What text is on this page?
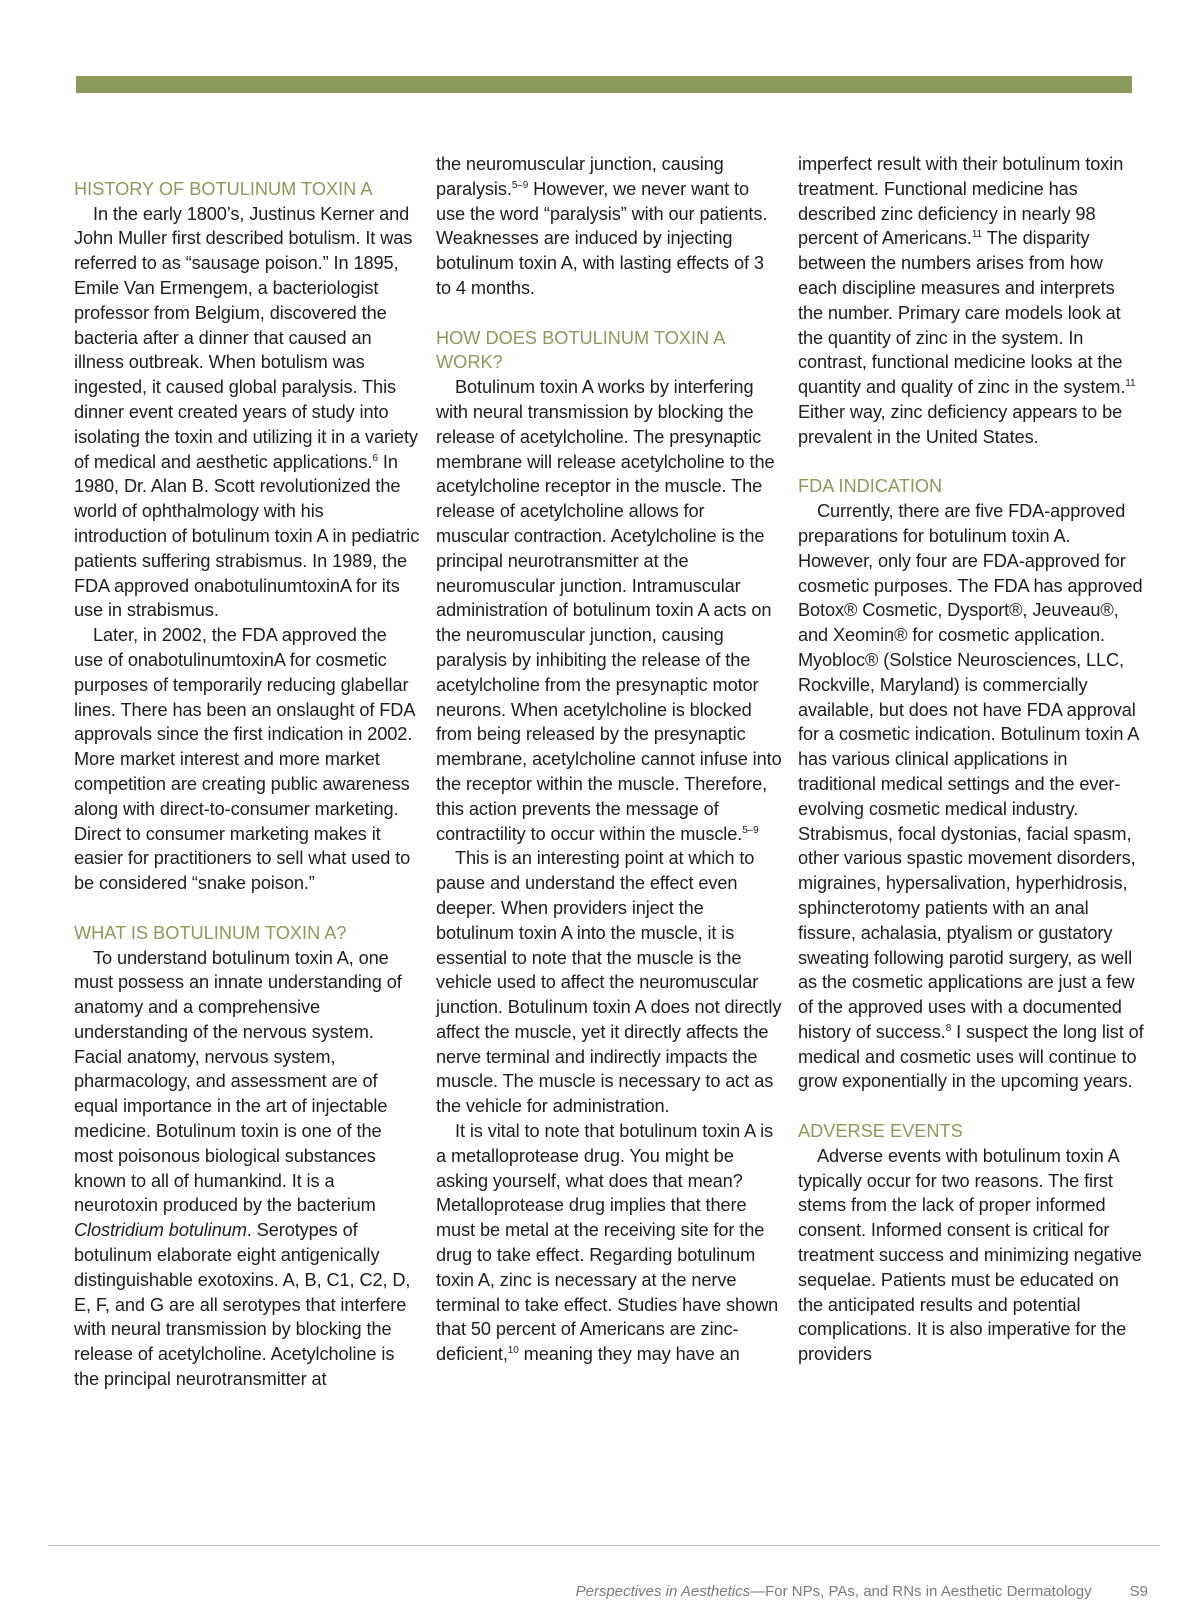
HISTORY OF BOTULINUM TOXIN A

In the early 1800’s, Justinus Kerner and John Muller first described botulism. It was referred to as “sausage poison.” In 1895, Emile Van Ermengem, a bacteriologist professor from Belgium, discovered the bacteria after a dinner that caused an illness outbreak. When botulism was ingested, it caused global paralysis. This dinner event created years of study into isolating the toxin and utilizing it in a variety of medical and aesthetic applications.$^6$ In 1980, Dr. Alan B. Scott revolutionized the world of ophthalmology with his introduction of botulinum toxin A in pediatric patients suffering strabismus. In 1989, the FDA approved onabotulinumtoxinA for its use in strabismus.

Later, in 2002, the FDA approved the use of onabotulinumtoxinA for cosmetic purposes of temporarily reducing glabellar lines. There has been an onslaught of FDA approvals since the first indication in 2002. More market interest and more market competition are creating public awareness along with direct-to-consumer marketing. Direct to consumer marketing makes it easier for practitioners to sell what used to be considered “snake poison.”

WHAT IS BOTULINUM TOXIN A?

To understand botulinum toxin A, one must possess an innate understanding of anatomy and a comprehensive understanding of the nervous system. Facial anatomy, nervous system, pharmacology, and assessment are of equal importance in the art of injectable medicine. Botulinum toxin is one of the most poisonous biological substances known to all of humankind. It is a neurotoxin produced by the bacterium Clostridium botulinum. Serotypes of botulinum elaborate eight antigenically distinguishable exotoxins. A, B, C1, C2, D, E, F, and G are all serotypes that interfere with neural transmission by blocking the release of acetylcholine. Acetylcholine is the principal neurotransmitter at

the neuromuscular junction, causing paralysis.$^{5-9}$ However, we never want to use the word “paralysis” with our patients. Weaknesses are induced by injecting botulinum toxin A, with lasting effects of 3 to 4 months.

HOW DOES BOTULINUM TOXIN A WORK?

Botulinum toxin A works by interfering with neural transmission by blocking the release of acetylcholine. The presynaptic membrane will release acetylcholine to the acetylcholine receptor in the muscle. The release of acetylcholine allows for muscular contraction. Acetylcholine is the principal neurotransmitter at the neuromuscular junction. Intramuscular administration of botulinum toxin A acts on the neuromuscular junction, causing paralysis by inhibiting the release of the acetylcholine from the presynaptic motor neurons. When acetylcholine is blocked from being released by the presynaptic membrane, acetylcholine cannot infuse into the receptor within the muscle. Therefore, this action prevents the message of contractility to occur within the muscle.$^{5-9}$

This is an interesting point at which to pause and understand the effect even deeper. When providers inject the botulinum toxin A into the muscle, it is essential to note that the muscle is the vehicle used to affect the neuromuscular junction. Botulinum toxin A does not directly affect the muscle, yet it directly affects the nerve terminal and indirectly impacts the muscle. The muscle is necessary to act as the vehicle for administration.

It is vital to note that botulinum toxin A is a metalloprotease drug. You might be asking yourself, what does that mean? Metalloprotease drug implies that there must be metal at the receiving site for the drug to take effect. Regarding botulinum toxin A, zinc is necessary at the nerve terminal to take effect. Studies have shown that 50 percent of Americans are zinc-deficient,$^{10}$ meaning they may have an

imperfect result with their botulinum toxin treatment. Functional medicine has described zinc deficiency in nearly 98 percent of Americans.$^{11}$ The disparity between the numbers arises from how each discipline measures and interprets the number. Primary care models look at the quantity of zinc in the system. In contrast, functional medicine looks at the quantity and quality of zinc in the system.$^{11}$ Either way, zinc deficiency appears to be prevalent in the United States.

FDA INDICATION

Currently, there are five FDA-approved preparations for botulinum toxin A. However, only four are FDA-approved for cosmetic purposes. The FDA has approved Botox® Cosmetic, Dysport®, Jeuveau®, and Xeomin® for cosmetic application. Myobloc® (Solstice Neurosciences, LLC, Rockville, Maryland) is commercially available, but does not have FDA approval for a cosmetic indication. Botulinum toxin A has various clinical applications in traditional medical settings and the ever-evolving cosmetic medical industry. Strabismus, focal dystonias, facial spasm, other various spastic movement disorders, migraines, hypersalivation, hyperhidrosis, sphincterotomy patients with an anal fissure, achalasia, ptyalism or gustatory sweating following parotid surgery, as well as the cosmetic applications are just a few of the approved uses with a documented history of success.$^8$ I suspect the long list of medical and cosmetic uses will continue to grow exponentially in the upcoming years.

ADVERSE EVENTS

Adverse events with botulinum toxin A typically occur for two reasons. The first stems from the lack of proper informed consent. Informed consent is critical for treatment success and minimizing negative sequelae. Patients must be educated on the anticipated results and potential complications. It is also imperative for the providers

Perspectives in Aesthetics—For NPs, PAs, and RNs in Aesthetic Dermatology	S9
